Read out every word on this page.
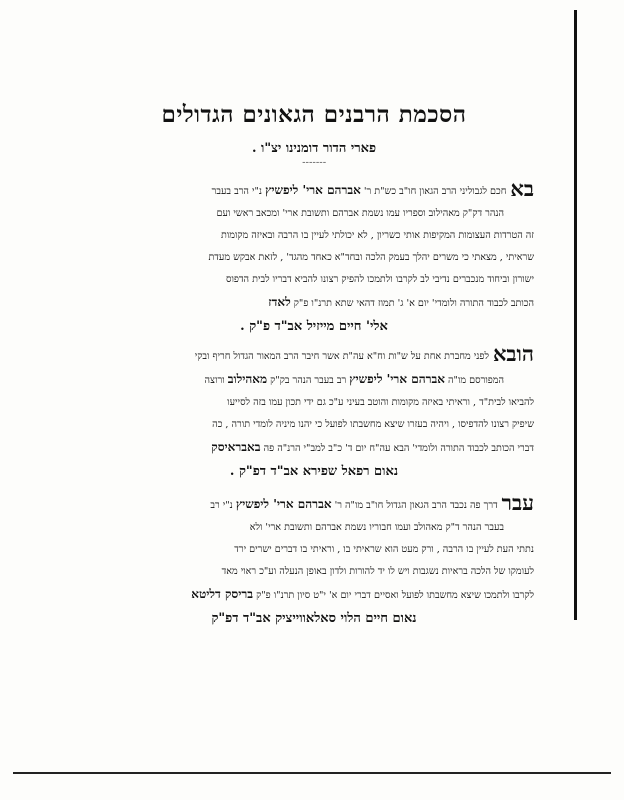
הסכמת הרבנים הגאונים הגדולים
פארי הדור דומנינו יצ"ו .
־־־־־־־
באחכם לגבוליני הרב הגאון חו"ב כש"ת ר' אברהם ארי' ליפשיץ נ"י הרב בעבר
הנהר דק"ק מאהילוב וספריו עמו נשמת אברהם ותשובת ארי' ומכאב ראשי ועם
זה הטרדות העצומות המקיפות אותי כשריון , לא יכולתי לעיין בו הרבה ובאיזה מקומות
שראיתי , מצאתי כי משרים יהלך בעמק הלכה ובחד"א כאחד מהגד' , לזאת אבקש מעדת
ישורון וביחוד מנכברים נדיבי לב לקרבו ולתמכו להפיק רצונו להביא דבריו לבית הדפוס
הכותב לכבוד התורה ולומדי' יום א' ג' תמוז דהאי שתא תרנ"ו פ"ק לאדז
אלי' חיים מייזיל אב"ד פ"ק .
הובאלפני מחברת אחת על ש"ות וח"א עה"ת אשר חיבר הרב המאור הגדול חריף ובקי
המפורסם מו"ה אברהם ארי' ליפשיץ רב בעבר הנהר בק"ק מאהילוב ורוצה
להביאו לבית"ד , וראיתי באיזה מקומות והוטב בעיני ע"כ גם ידי תכון עמו בזה לסייעו
שיפיק רצונו להדפיסו , ויהיה בעזרו שיצא מחשבתו לפועל כי יהנו מיניה לומדי תורה , כה
דברי הכותב לכבוד התורה ולומדי' הבא עה"ח יום ד' כ"ב למב"י הרנ"ה פה באבראיסק
נאום רפאל שפירא אב"ד דפ"ק .
עברדרך פה נכבד הרב הגאון הגדול חו"ב מו"ה ר' אברהם ארי' ליפשיץ נ"י רב
בעבר הנהר ד"ק מאהולב ועמו חבוריו נשמת אברהם ותשובת ארי' ולא
נתתי העת לעיין בו הרבה , ורק מעט הוא שראיתי בו , וראיתי בו דברים ישרים ירד
לעומקו של הלכה בראיות נשגבות ויש לו יד להורות ולדון באופן הנעלה וע"כ ראוי מאד
לקרבו ולתמכו שיצא מחשבתו לפועל ואסיים דברי יום א' י"ט סיון תרנ"ו פ"ק בריסק דליטא
נאום חיים הלוי סאלאווייציק אב"ד דפ"ק
